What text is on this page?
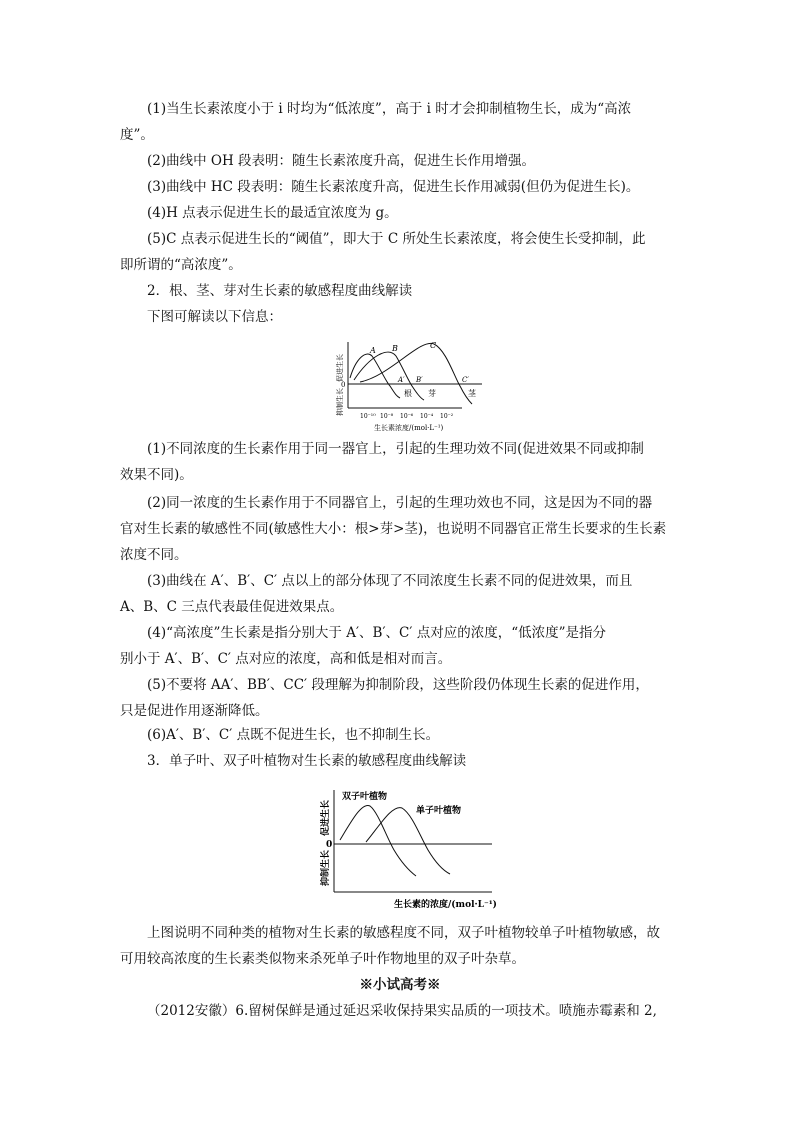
(1)当生长素浓度小于 i 时均为“低浓度”，高于 i 时才会抑制植物生长，成为“高浓
度”。
(2)曲线中 OH 段表明：随生长素浓度升高，促进生长作用增强。
(3)曲线中 HC 段表明：随生长素浓度升高，促进生长作用减弱(但仍为促进生长)。
(4)H 点表示促进生长的最适宜浓度为 g。
(5)C 点表示促进生长的“阈值”，即大于 C 所处生长素浓度，将会使生长受抑制，此
即所谓的“高浓度”。
2．根、茎、芽对生长素的敏感程度曲线解读
下图可解读以下信息：
A B	C
A′ B′	C′
根 芽	茎
0
促进生长
抑制生长
10⁻¹⁰ 10⁻⁸ 10⁻⁶ 10⁻⁴ 10⁻²
生长素浓度/(mol·L⁻¹)
(1)不同浓度的生长素作用于同一器官上，引起的生理功效不同(促进效果不同或抑制
效果不同)。
(2)同一浓度的生长素作用于不同器官上，引起的生理功效也不同，这是因为不同的器
官对生长素的敏感性不同(敏感性大小：根>芽>茎)，也说明不同器官正常生长要求的生长素
浓度不同。
(3)曲线在 A′、B′、C′ 点以上的部分体现了不同浓度生长素不同的促进效果，而且
A、B、C 三点代表最佳促进效果点。
(4)“高浓度”生长素是指分别大于 A′、B′、C′ 点对应的浓度，“低浓度”是指分
别小于 A′、B′、C′ 点对应的浓度，高和低是相对而言。
(5)不要将 AA′、BB′、CC′ 段理解为抑制阶段，这些阶段仍体现生长素的促进作用，
只是促进作用逐渐降低。
(6)A′、B′、C′ 点既不促进生长，也不抑制生长。
3．单子叶、双子叶植物对生长素的敏感程度曲线解读
双子叶植物
单子叶植物
0
促进生长
抑制生长
生长素的浓度/(mol·L⁻¹)
上图说明不同种类的植物对生长素的敏感程度不同，双子叶植物较单子叶植物敏感，故
可用较高浓度的生长素类似物来杀死单子叶作物地里的双子叶杂草。
※小试高考※
（2012安徽）6.留树保鲜是通过延迟采收保持果实品质的一项技术。喷施赤霉素和 2,
